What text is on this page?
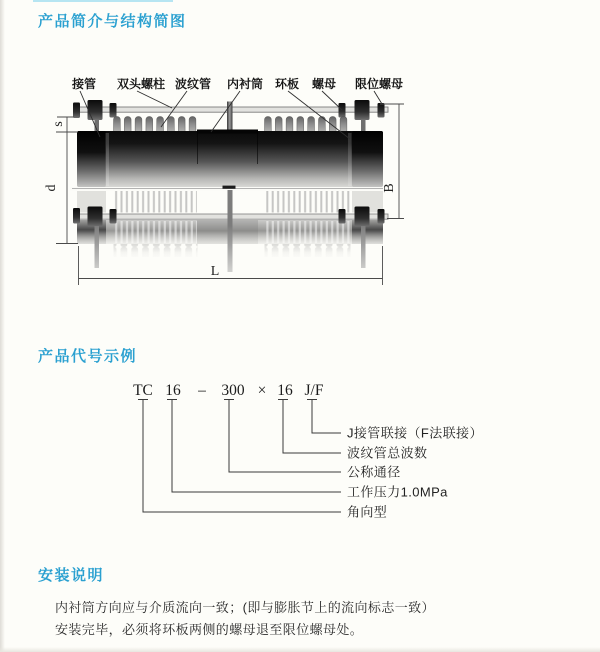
产品简介与结构简图
产品代号示例
安装说明
s
d	B
L
接管 双头螺柱 波纹管 内衬筒 环板 螺母 限位螺母
TC 16 – 300 × 16 J/F
J接管联接（F法联接）
波纹管总波数
公称通径
工作压力1.0MPa
角向型
内衬筒方向应与介质流向一致；(即与膨胀节上的流向标志一致）
安装完毕，必须将环板两侧的螺母退至限位螺母处。
